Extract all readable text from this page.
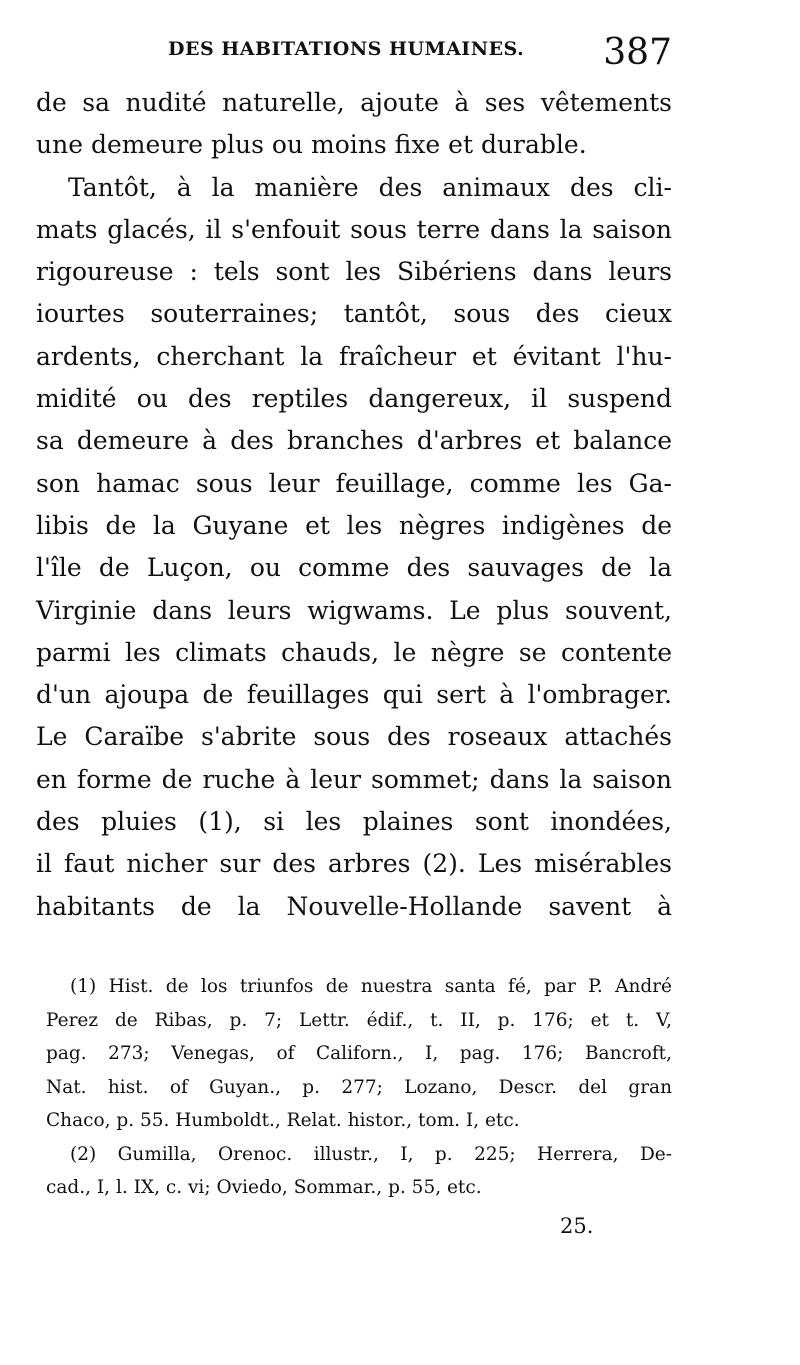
DES HABITATIONS HUMAINES. 387
de sa nudité naturelle, ajoute à ses vêtements
une demeure plus ou moins fixe et durable.
Tantôt, à la manière des animaux des cli-
mats glacés, il s'enfouit sous terre dans la saison
rigoureuse : tels sont les Sibériens dans leurs
iourtes souterraines; tantôt, sous des cieux
ardents, cherchant la fraîcheur et évitant l'hu-
midité ou des reptiles dangereux, il suspend
sa demeure à des branches d'arbres et balance
son hamac sous leur feuillage, comme les Ga-
libis de la Guyane et les nègres indigènes de
l'île de Luçon, ou comme des sauvages de la
Virginie dans leurs wigwams. Le plus souvent,
parmi les climats chauds, le nègre se contente
d'un ajoupa de feuillages qui sert à l'ombrager.
Le Caraïbe s'abrite sous des roseaux attachés
en forme de ruche à leur sommet; dans la saison
des pluies (1), si les plaines sont inondées,
il faut nicher sur des arbres (2). Les misérables
habitants de la Nouvelle-Hollande savent à
(1) Hist. de los triunfos de nuestra santa fé, par P. André
Perez de Ribas, p. 7; Lettr. édif., t. II, p. 176; et t. V,
pag. 273; Venegas, of Californ., I, pag. 176; Bancroft,
Nat. hist. of Guyan., p. 277; Lozano, Descr. del gran
Chaco, p. 55. Humboldt., Relat. histor., tom. I, etc.
(2) Gumilla, Orenoc. illustr., I, p. 225; Herrera, De-
cad., I, l. IX, c. vi; Oviedo, Sommar., p. 55, etc.
25.
